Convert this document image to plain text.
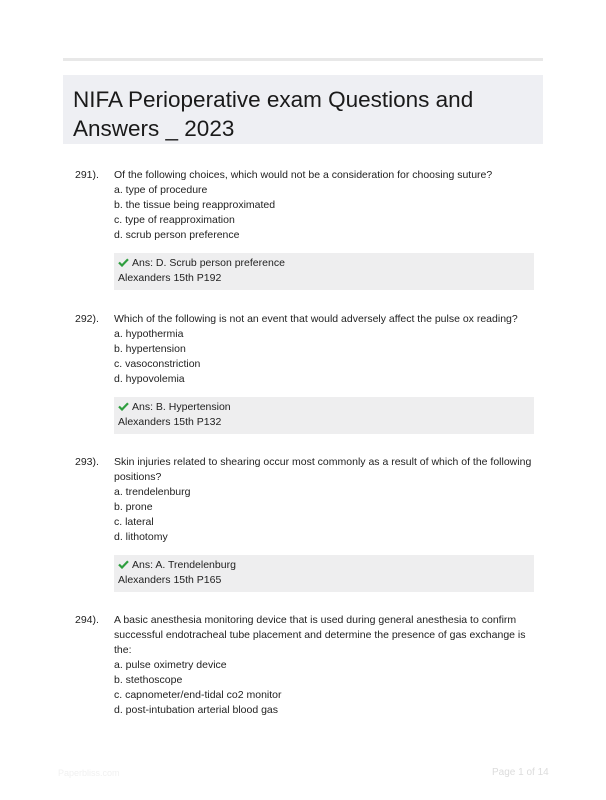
NIFA Perioperative exam Questions and Answers _ 2023
291).	Of the following choices, which would not be a consideration for choosing suture?
a. type of procedure
b. the tissue being reapproximated
c. type of reapproximation
d. scrub person preference
Ans: D. Scrub person preference
Alexanders 15th P192
292).	Which of the following is not an event that would adversely affect the pulse ox reading?
a. hypothermia
b. hypertension
c. vasoconstriction
d. hypovolemia
Ans: B. Hypertension
Alexanders 15th P132
293).	Skin injuries related to shearing occur most commonly as a result of which of the following positions?
a. trendelenburg
b. prone
c. lateral
d. lithotomy
Ans: A. Trendelenburg
Alexanders 15th P165
294).	A basic anesthesia monitoring device that is used during general anesthesia to confirm successful endotracheal tube placement and determine the presence of gas exchange is the:
a. pulse oximetry device
b. stethoscope
c. capnometer/end-tidal co2 monitor
d. post-intubation arterial blood gas
Paperbliss.com	Page 1 of 14
